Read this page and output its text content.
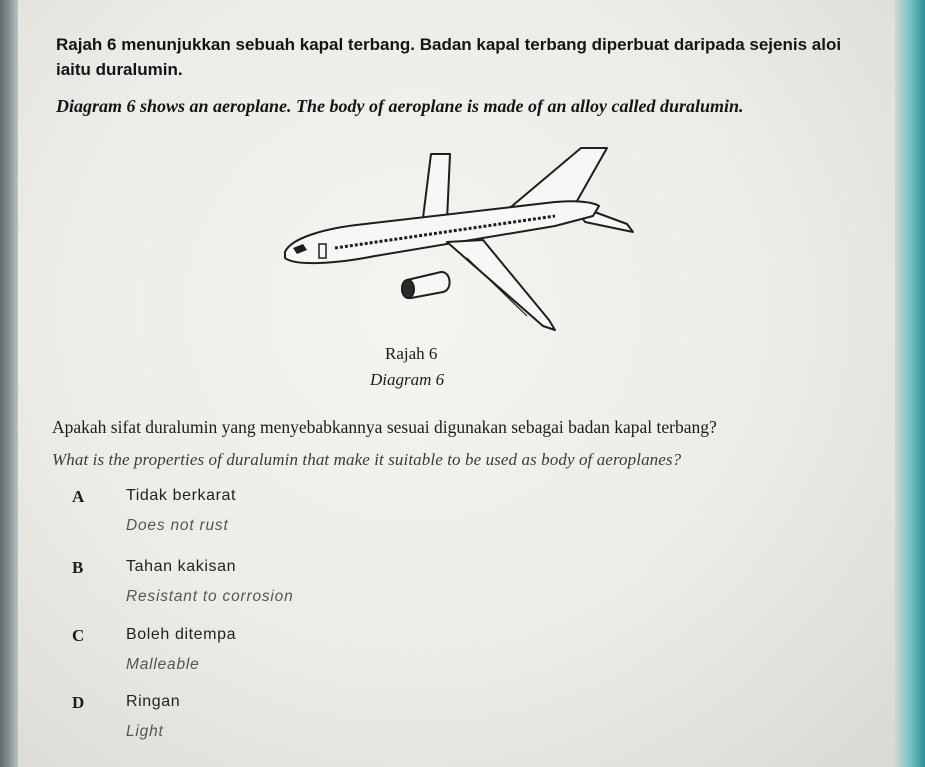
Rajah 6 menunjukkan sebuah kapal terbang. Badan kapal terbang diperbuat daripada sejenis aloi iaitu duralumin.
Diagram 6 shows an aeroplane. The body of aeroplane is made of an alloy called duralumin.
Rajah 6
Diagram 6
Apakah sifat duralumin yang menyebabkannya sesuai digunakan sebagai badan kapal terbang?
What is the properties of duralumin that make it suitable to be used as body of aeroplanes?
A	Tidak berkarat
Does not rust
B	Tahan kakisan
Resistant to corrosion
C	Boleh ditempa
Malleable
D	Ringan
Light
